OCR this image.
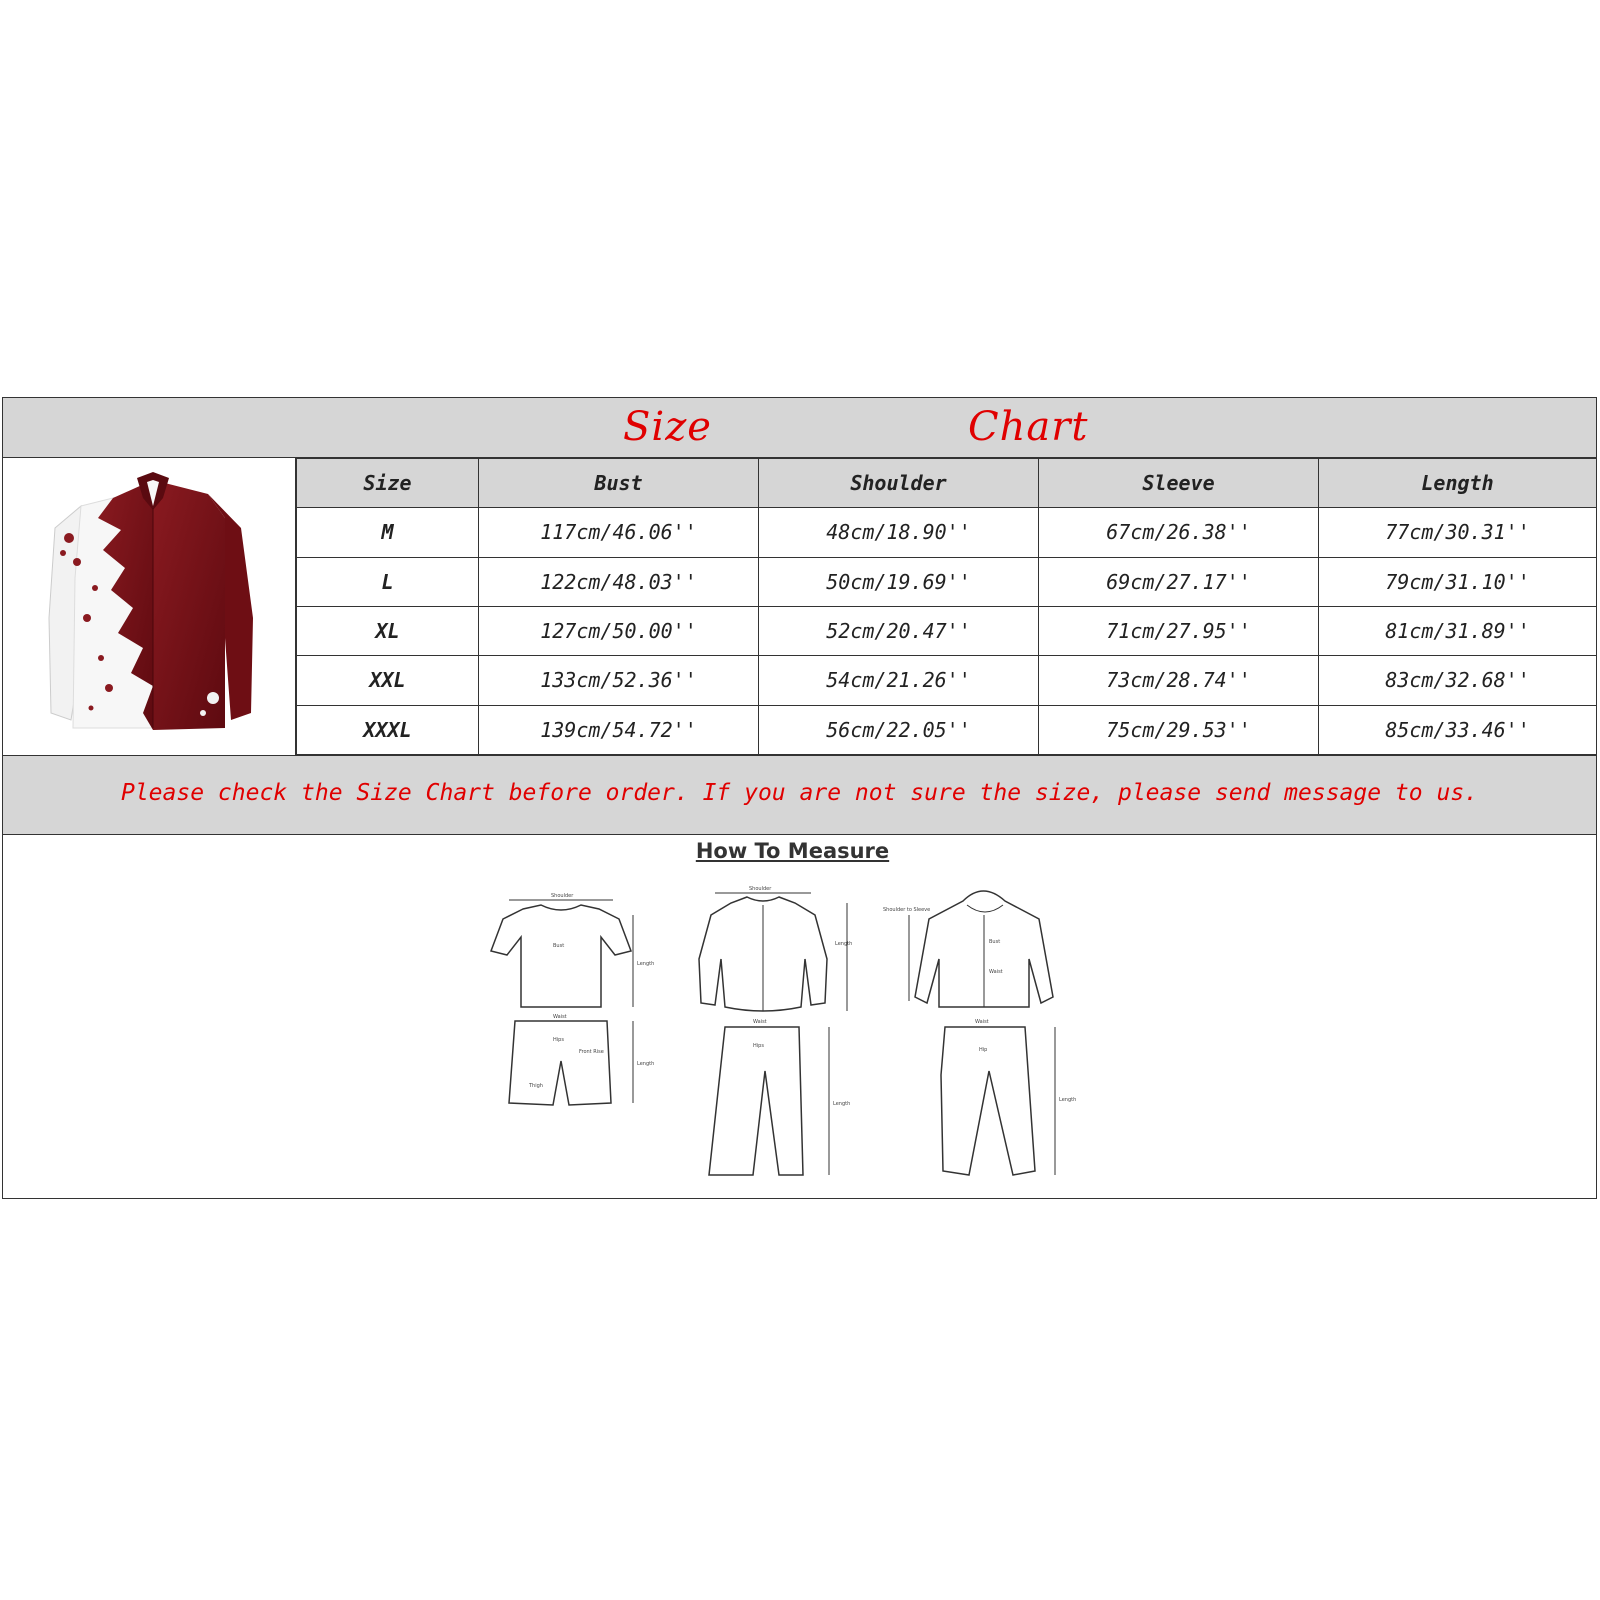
Size	Chart
Size	Bust	Shoulder	Sleeve	Length
M	117cm/46.06''	48cm/18.90''	67cm/26.38''	77cm/30.31''
L	122cm/48.03''	50cm/19.69''	69cm/27.17''	79cm/31.10''
XL	127cm/50.00''	52cm/20.47''	71cm/27.95''	81cm/31.89''
XXL	133cm/52.36''	54cm/21.26''	73cm/28.74''	83cm/32.68''
XXXL	139cm/54.72''	56cm/22.05''	75cm/29.53''	85cm/33.46''
Please check the Size Chart before order. If you are not sure the size, please send message to us.
How To Measure
Shoulder
Bust
Length
Waist
Hips
Front Rise
Length
Thigh
Shoulder
Length
Waist
Hips
Length
Shoulder to Sleeve
Bust
Waist
Waist
Hip
Length
